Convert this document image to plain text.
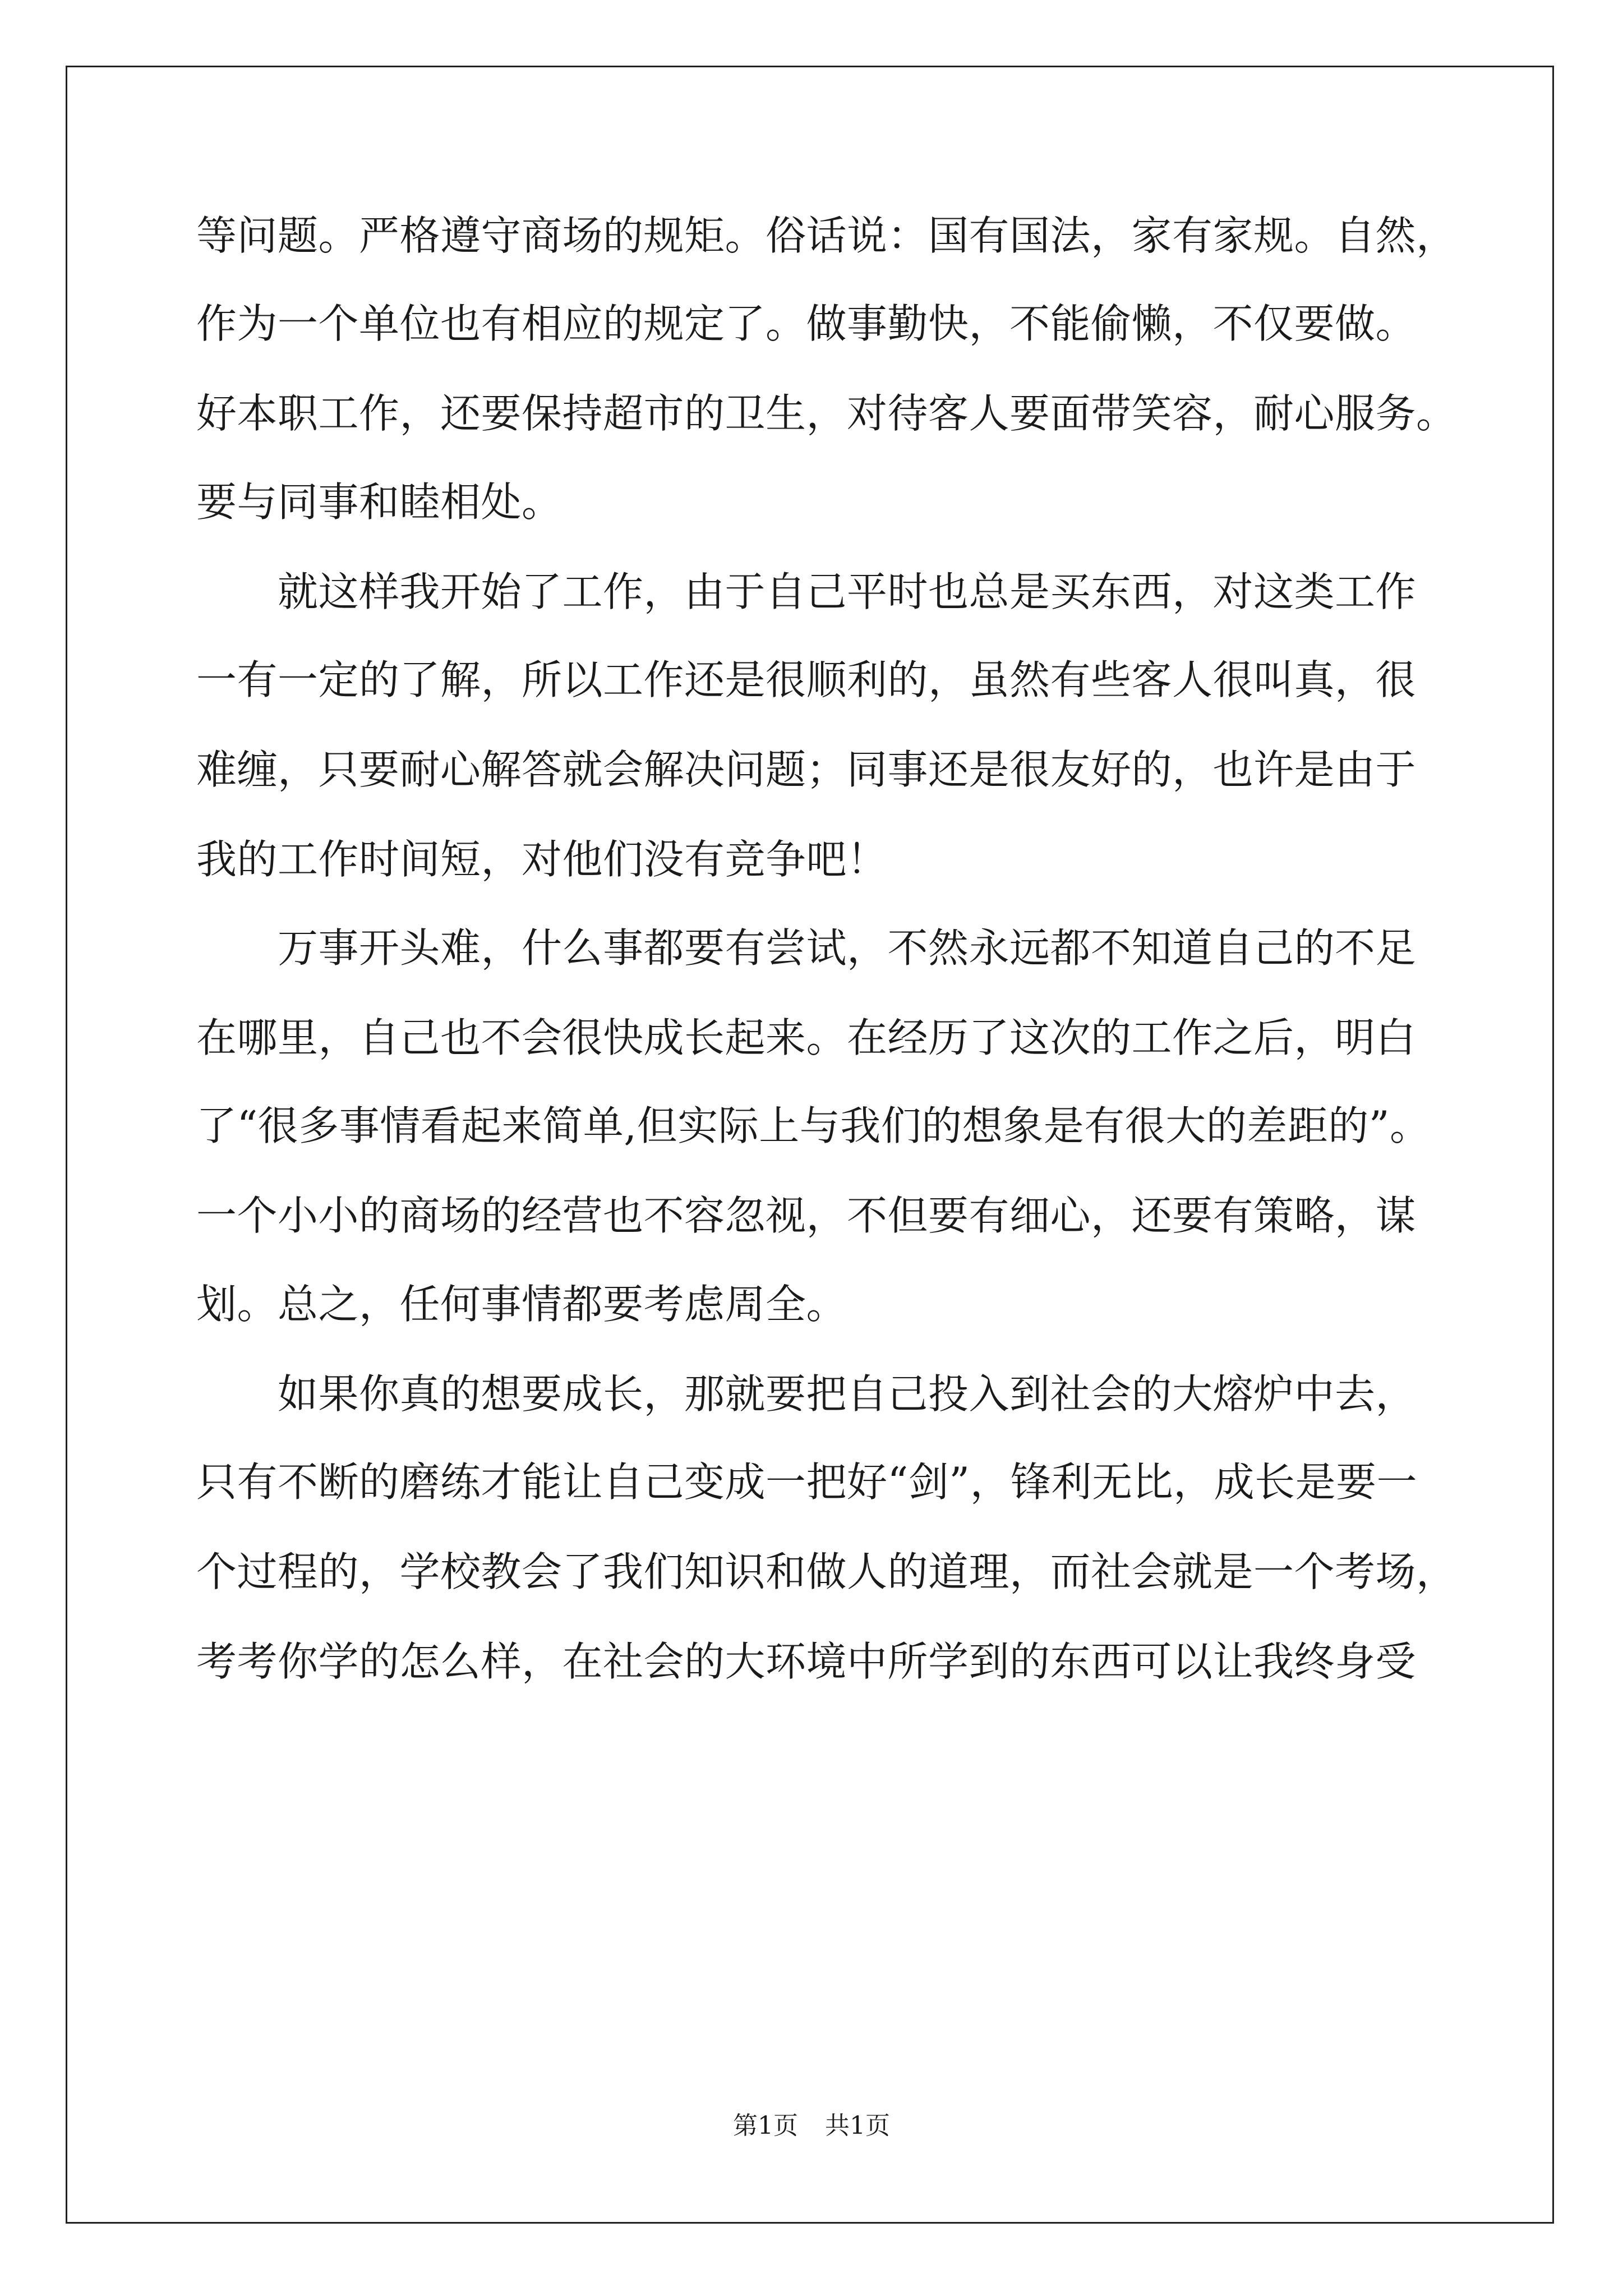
等问题。严格遵守商场的规矩。俗话说：国有国法，家有家规。自然，
作为一个单位也有相应的规定了。做事勤快，不能偷懒，不仅要做。
好本职工作，还要保持超市的卫生，对待客人要面带笑容，耐心服务。
要与同事和睦相处。
　　就这样我开始了工作，由于自己平时也总是买东西，对这类工作
一有一定的了解，所以工作还是很顺利的，虽然有些客人很叫真，很
难缠，只要耐心解答就会解决问题；同事还是很友好的，也许是由于
我的工作时间短，对他们没有竞争吧！
　　万事开头难，什么事都要有尝试，不然永远都不知道自己的不足
在哪里，自己也不会很快成长起来。在经历了这次的工作之后，明白
了“很多事情看起来简单,但实际上与我们的想象是有很大的差距的”。
一个小小的商场的经营也不容忽视，不但要有细心，还要有策略，谋
划。总之，任何事情都要考虑周全。
　　如果你真的想要成长，那就要把自己投入到社会的大熔炉中去，
只有不断的磨练才能让自己变成一把好“剑”，锋利无比，成长是要一
个过程的，学校教会了我们知识和做人的道理，而社会就是一个考场，
考考你学的怎么样，在社会的大环境中所学到的东西可以让我终身受
第1页 共1页
